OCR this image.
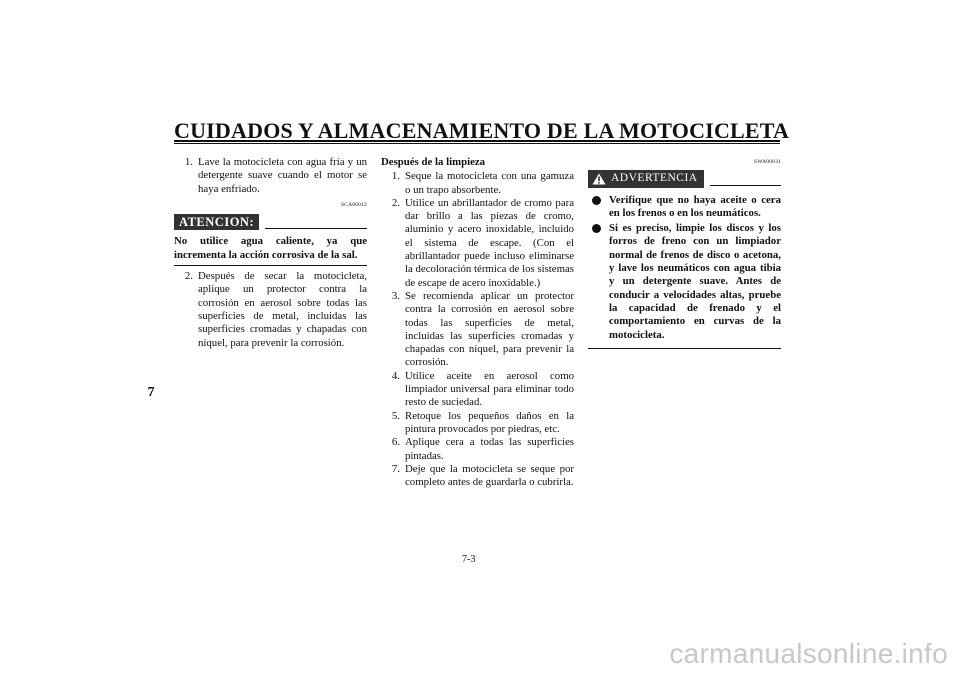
CUIDADOS Y ALMACENAMIENTO DE LA MOTOCICLETA
7
1. Lave la motocicleta con agua fría y un detergente suave cuando el motor se haya enfriado.

SCA00012

ATENCION:
No utilice agua caliente, ya que incrementa la acción corrosiva de la sal.
2. Después de secar la motocicleta, aplique un protector contra la corrosión en aerosol sobre todas las superficies de metal, incluidas las superficies cromadas y chapadas con níquel, para prevenir la corrosión.
Después de la limpieza
1. Seque la motocicleta con una gamuza o un trapo absorbente.
2. Utilice un abrillantador de cromo para dar brillo a las piezas de cromo, aluminio y acero inoxidable, incluido el sistema de escape. (Con el abrillantador puede incluso eliminarse la decoloración térmica de los sistemas de escape de acero inoxidable.)
3. Se recomienda aplicar un protector contra la corrosión en aerosol sobre todas las superficies de metal, incluidas las superficies cromadas y chapadas con níquel, para prevenir la corrosión.
4. Utilice aceite en aerosol como limpiador universal para eliminar todo resto de suciedad.
5. Retoque los pequeños daños en la pintura provocados por piedras, etc.
6. Aplique cera a todas las superficies pintadas.
7. Deje que la motocicleta se seque por completo antes de guardarla o cubrirla.

SWA00031

ADVERTENCIA
Verifique que no haya aceite o cera en los frenos o en los neumáticos.
Si es preciso, limpie los discos y los forros de freno con un limpiador normal de frenos de disco o acetona, y lave los neumáticos con agua tibia y un detergente suave. Antes de conducir a velocidades altas, pruebe la capacidad de frenado y el comportamiento en curvas de la motocicleta.
7-3
carmanualsonline.info
